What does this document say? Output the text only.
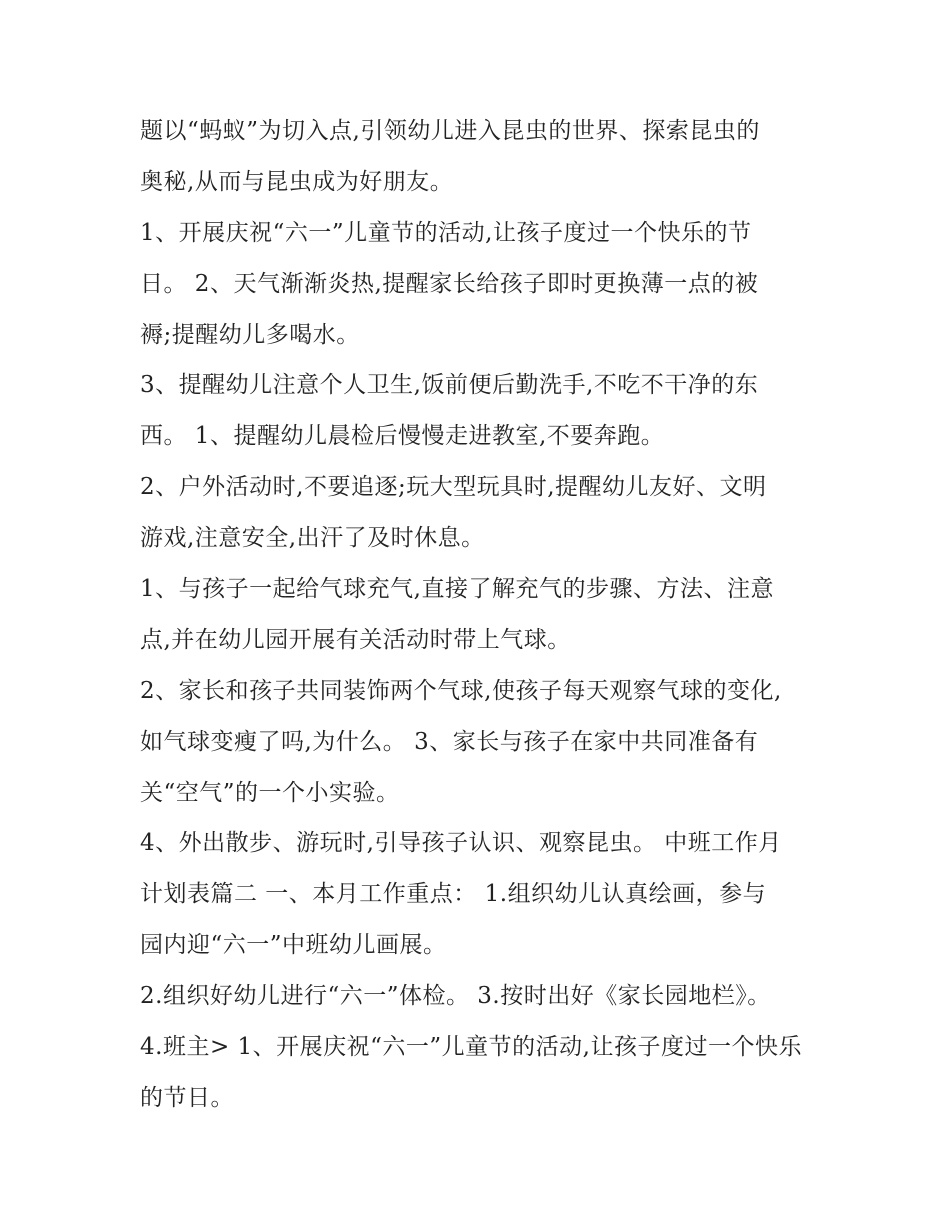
题以“蚂蚁”为切入点,引领幼儿进入昆虫的世界、探索昆虫的
奥秘,从而与昆虫成为好朋友。
1、开展庆祝“六一”儿童节的活动,让孩子度过一个快乐的节
日。 2、天气渐渐炎热,提醒家长给孩子即时更换薄一点的被
褥;提醒幼儿多喝水。
3、提醒幼儿注意个人卫生,饭前便后勤洗手,不吃不干净的东
西。 1、提醒幼儿晨检后慢慢走进教室,不要奔跑。
2、户外活动时,不要追逐;玩大型玩具时,提醒幼儿友好、文明
游戏,注意安全,出汗了及时休息。
1、与孩子一起给气球充气,直接了解充气的步骤、方法、注意
点,并在幼儿园开展有关活动时带上气球。
2、家长和孩子共同装饰两个气球,使孩子每天观察气球的变化,
如气球变瘦了吗,为什么。 3、家长与孩子在家中共同准备有
关“空气”的一个小实验。
4、外出散步、游玩时,引导孩子认识、观察昆虫。 中班工作月
计划表篇二 一、本月工作重点： 1.组织幼儿认真绘画，参与
园内迎“六一”中班幼儿画展。
2.组织好幼儿进行“六一”体检。 3.按时出好《家长园地栏》。
4.班主> 1、开展庆祝“六一”儿童节的活动,让孩子度过一个快乐
的节日。
